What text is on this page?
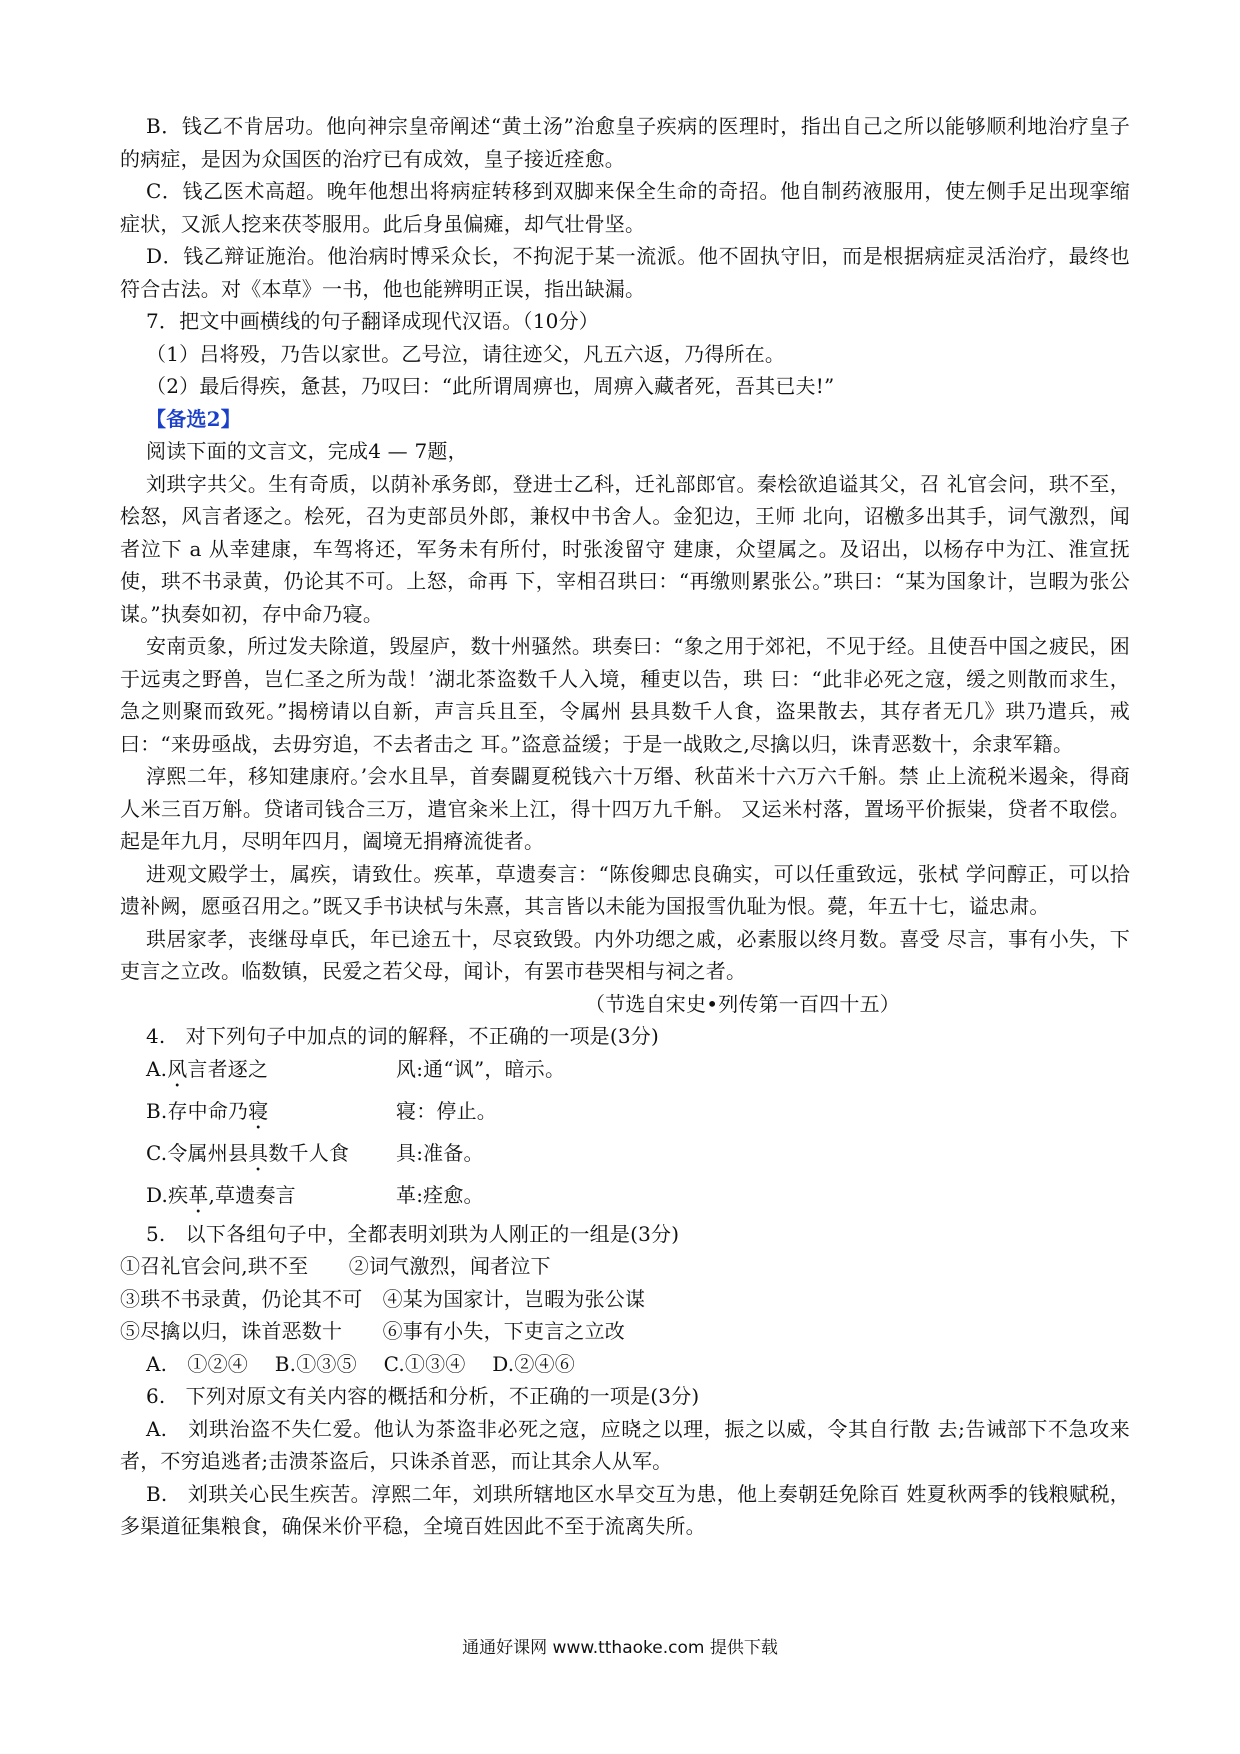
B．钱乙不肯居功。他向神宗皇帝阐述“黄土汤”治愈皇子疾病的医理时，指出自己之所以能够顺利地治疗皇子的病症，是因为众国医的治疗已有成效，皇子接近痊愈。

C．钱乙医术高超。晚年他想出将病症转移到双脚来保全生命的奇招。他自制药液服用，使左侧手足出现挛缩症状，又派人挖来茯苓服用。此后身虽偏瘫，却气壮骨坚。

D．钱乙辩证施治。他治病时博采众长，不拘泥于某一流派。他不固执守旧，而是根据病症灵活治疗，最终也符合古法。对《本草》一书，他也能辨明正误，指出缺漏。

7．把文中画横线的句子翻译成现代汉语。（10分）

（1）吕将殁，乃告以家世。乙号泣，请往迹父，凡五六返，乃得所在。

（2）最后得疾，惫甚，乃叹曰：“此所谓周痹也，周痹入藏者死，吾其已夫!”

【备选2】

阅读下面的文言文，完成4 — 7题，

刘珙字共父。生有奇质，以荫补承务郎，登进士乙科，迁礼部郎官。秦桧欲追谥其父，召 礼官会问，珙不至，桧怒，风言者逐之。桧死，召为吏部员外郎，兼权中书舍人。金犯边，王师 北向，诏檄多出其手，词气激烈，闻者泣下 a 从幸建康，车驾将还，军务未有所付，时张浚留守 建康，众望属之。及诏出，以杨存中为江、淮宣抚使，珙不书录黄，仍论其不可。上怒，命再 下，宰相召珙曰：“再缴则累张公。”珙曰：“某为国象计，岂暇为张公谋。”执奏如初，存中命乃寝。

安南贡象，所过发夫除道，毁屋庐，数十州骚然。珙奏曰：“象之用于郊祀，不见于经。且使吾中国之疲民，困于远夷之野兽，岂仁圣之所为哉！’湖北茶盗数千人入境，種吏以告，珙 曰：“此非必死之寇，缓之则散而求生，急之则聚而致死。”揭榜请以自新，声言兵且至，令属州 县具数千人食，盗果散去，其存者无几》珙乃遣兵，戒曰：“来毋亟战，去毋穷追，不去者击之 耳。”盗意益缓；于是一战敗之,尽擒以归，诛青恶数十，余隶军籍。

淳熙二年，移知建康府。’会水且旱，首奏闢夏税钱六十万缗、秋苗米十六万六千斛。禁 止上流税米遏籴，得商人米三百万斛。贷诸司钱合三万，遣官籴米上江，得十四万九千斛。 又运米村落，置场平价振粜，贷者不取偿。起是年九月，尽明年四月，阖境无捐瘠流徙者。

进观文殿学士，属疾，请致仕。疾革，草遗奏言：“陈俊卿忠良确实，可以任重致远，张栻 学问醇正，可以拾遗补阙，愿亟召用之。”既又手书诀栻与朱熹，其言皆以未能为国报雪仇耻为恨。薨，年五十七，谥忠肃。

珙居家孝，丧继母卓氏，年已途五十，尽哀致毁。内外功缌之戚，必素服以终月数。喜受 尽言，事有小失，下吏言之立改。临数镇，民爱之若父母，闻讣，有罢市巷哭相与祠之者。

（节选自宋史•列传第一百四十五）

4.　对下列句子中加点的词的解释，不正确的一项是(3分)

A.风言者逐之	风:通“讽”，暗示。

B.存中命乃寝	寝：停止。

C.令属州县具数千人食	具:准备。

D.疾革,草遗奏言	革:痊愈。

5.　以下各组句子中，全都表明刘珙为人刚正的一组是(3分)

①召礼官会问,珙不至　　②词气激烈，闻者泣下

③珙不书录黄，仍论其不可　④某为国家计，岂暇为张公谋

⑤尽擒以归，诛首恶数十　　⑥事有小失，下吏言之立改

A.　①②④　 B.①③⑤　 C.①③④　 D.②④⑥

6.　下列对原文有关内容的概括和分析，不正确的一项是(3分)

A.　刘珙治盗不失仁爱。他认为茶盗非必死之寇，应晓之以理，振之以威，令其自行散 去;告诫部下不急攻来者，不穷追逃者;击溃茶盗后，只诛杀首恶，而让其余人从军。

B.　刘珙关心民生疾苦。淳熙二年，刘珙所辖地区水旱交互为患，他上奏朝廷免除百 姓夏秋两季的钱粮赋税，多渠道征集粮食，确保米价平稳，全境百姓因此不至于流离失所。

通通好课网 www.tthaoke.com 提供下载
